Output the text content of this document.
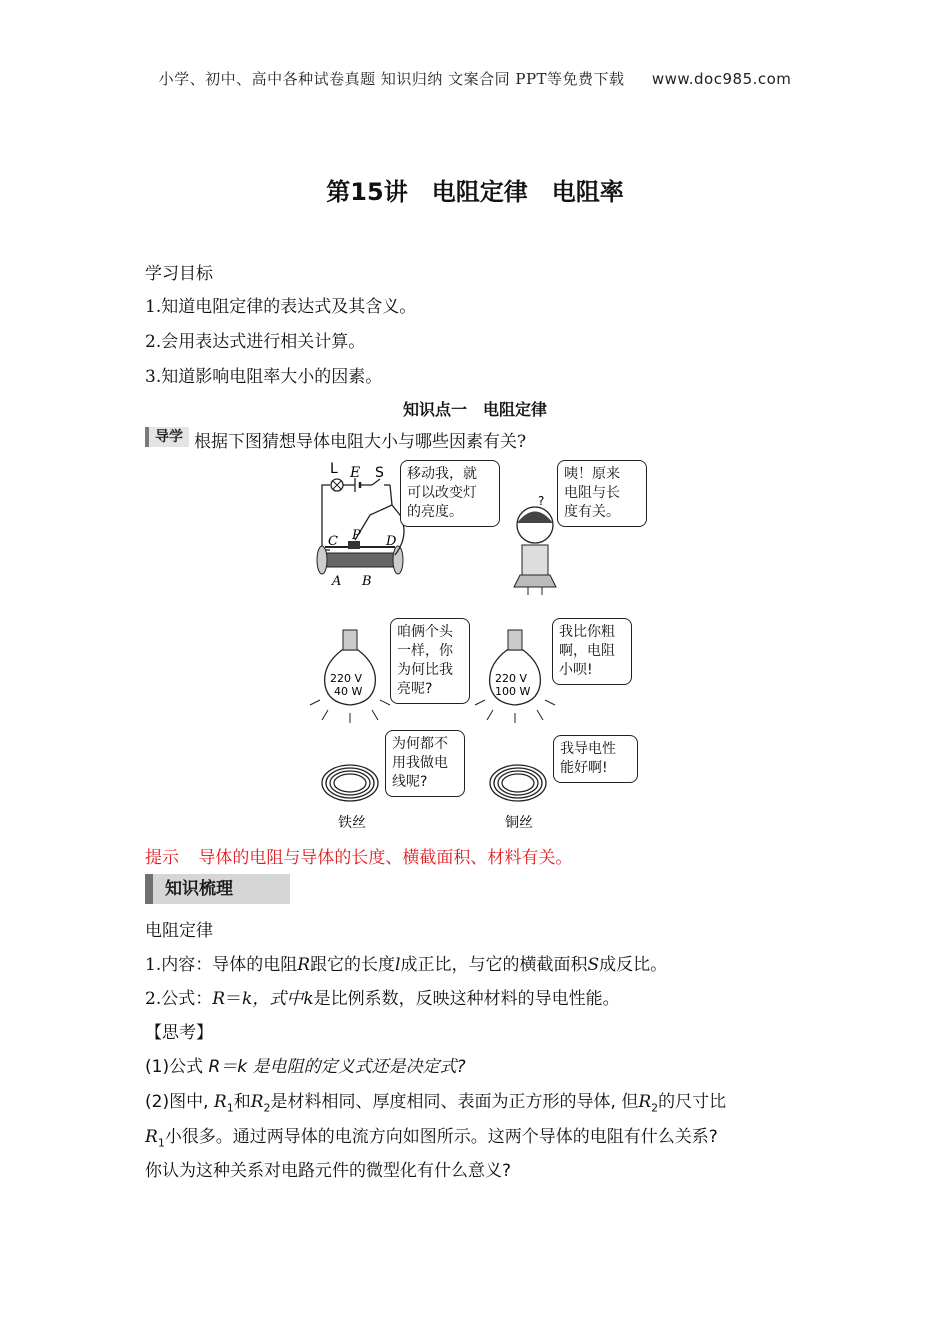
小学、初中、高中各种试卷真题 知识归纳 文案合同 PPT等免费下载 www.doc985.com
第15讲　电阻定律　电阻率
学习目标
1.知道电阻定律的表达式及其含义。
2.会用表达式进行相关计算。
3.知道影响电阻率大小的因素。
知识点一　电阻定律
导学 根据下图猜想导体电阻大小与哪些因素有关?
L E S
C P D
A B
移动我，就
可以改变灯
的亮度。
?
咦！原来
电阻与长
度有关。
220 V
40 W
咱俩个头
一样，你
为何比我
亮呢?
220 V
100 W
我比你粗
啊，电阻
小呗!
铁丝
为何都不
用我做电
线呢?
铜丝
我导电性
能好啊!
提示 导体的电阻与导体的长度、横截面积、材料有关。
知识梳理
电阻定律
1.内容：导体的电阻R跟它的长度l成正比，与它的横截面积S成反比。
2.公式：R＝k，式中k是比例系数，反映这种材料的导电性能。
【思考】
(1)公式 R＝k 是电阻的定义式还是决定式?
(2)图中, $R_1$和$R_2$是材料相同、厚度相同、表面为正方形的导体, 但$R_2$的尺寸比
$R_1$小很多。通过两导体的电流方向如图所示。这两个导体的电阻有什么关系?
你认为这种关系对电路元件的微型化有什么意义?
